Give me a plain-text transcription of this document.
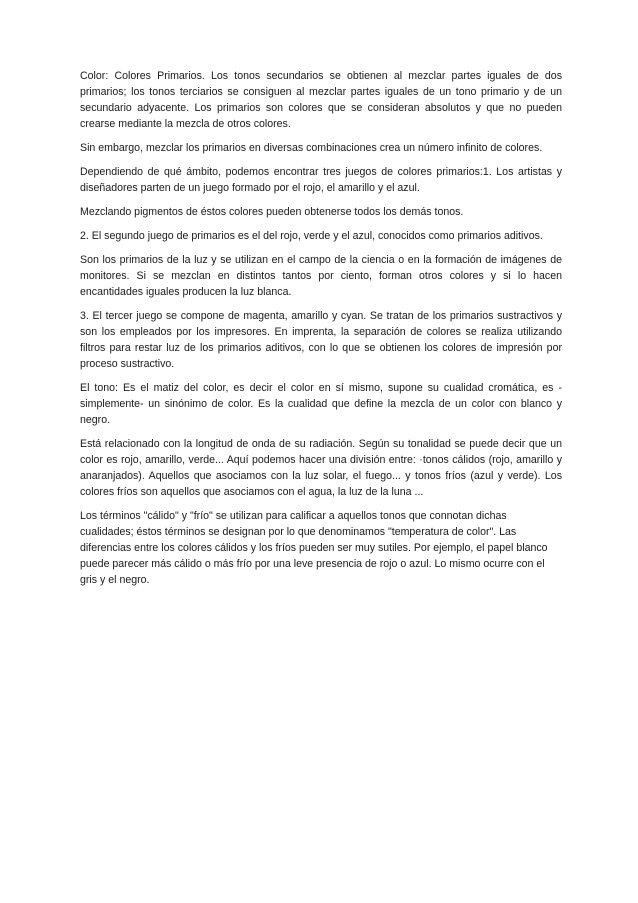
Color: Colores Primarios. Los tonos secundarios se obtienen al mezclar partes iguales de dos primarios; los tonos terciarios se consiguen al mezclar partes iguales de un tono primario y de un secundario adyacente. Los primarios son colores que se consideran absolutos y que no pueden crearse mediante la mezcla de otros colores.

Sin embargo, mezclar los primarios en diversas combinaciones crea un número infinito de colores.

Dependiendo de qué ámbito, podemos encontrar tres juegos de colores primarios:1. Los artistas y diseñadores parten de un juego formado por el rojo, el amarillo y el azul.

Mezclando pigmentos de éstos colores pueden obtenerse todos los demás tonos.

2. El segundo juego de primarios es el del rojo, verde y el azul, conocidos como primarios aditivos.

Son los primarios de la luz y se utilizan en el campo de la ciencia o en la formación de imágenes de monitores. Si se mezclan en distintos tantos por ciento, forman otros colores y si lo hacen encantidades iguales producen la luz blanca.

3. El tercer juego se compone de magenta, amarillo y cyan. Se tratan de los primarios sustractivos y son los empleados por los impresores. En imprenta, la separación de colores se realiza utilizando filtros para restar luz de los primarios aditivos, con lo que se obtienen los colores de impresión por proceso sustractivo.

El tono: Es el matiz del color, es decir el color en sí mismo, supone su cualidad cromática, es -simplemente- un sinónimo de color. Es la cualidad que define la mezcla de un color con blanco y negro.

Está relacionado con la longitud de onda de su radiación. Según su tonalidad se puede decir que un color es rojo, amarillo, verde... Aquí podemos hacer una división entre: ·tonos cálidos (rojo, amarillo y anaranjados). Aquellos que asociamos con la luz solar, el fuego... y tonos fríos (azul y verde). Los colores fríos son aquellos que asociamos con el agua, la luz de la luna ...

Los términos "cálido" y "frío" se utilizan para calificar a aquellos tonos que connotan dichas cualidades; éstos términos se designan por lo que denominamos "temperatura de color". Las diferencias entre los colores cálidos y los fríos pueden ser muy sutiles. Por ejemplo, el papel blanco puede parecer más cálido o más frío por una leve presencia de rojo o azul. Lo mismo ocurre con el gris y el negro.
